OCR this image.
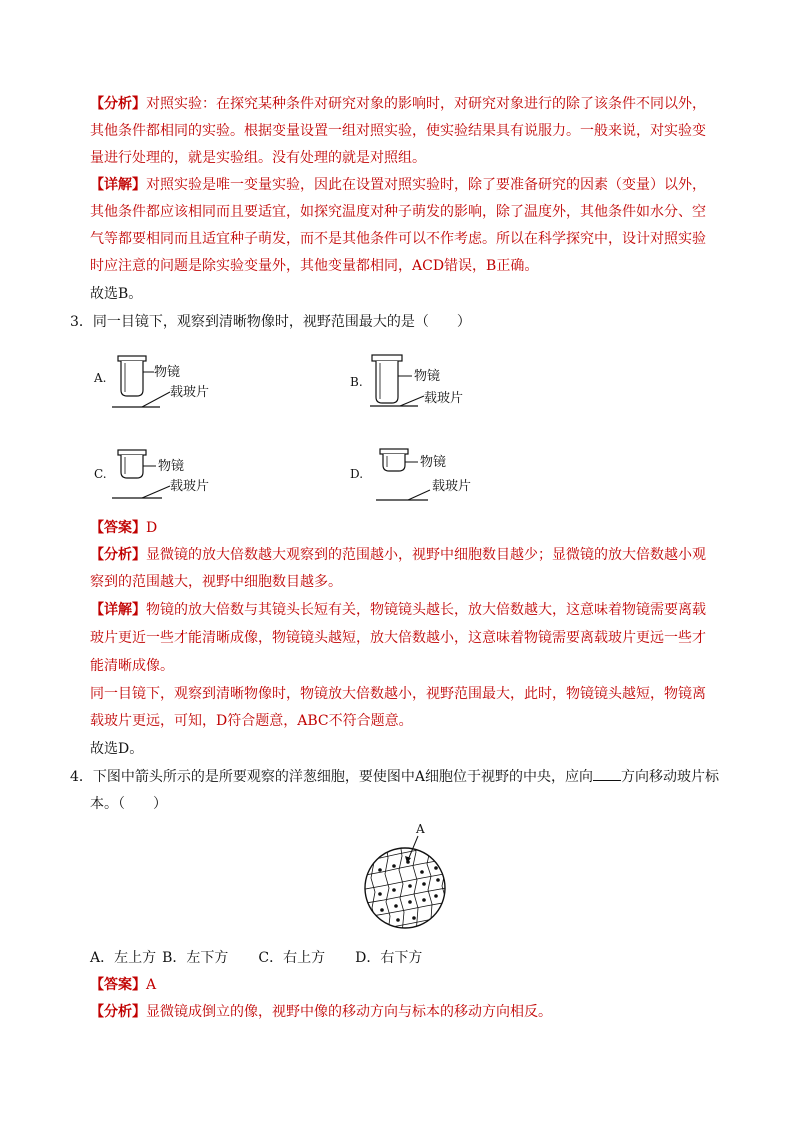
【分析】对照实验：在探究某种条件对研究对象的影响时，对研究对象进行的除了该条件不同以外，
其他条件都相同的实验。根据变量设置一组对照实验，使实验结果具有说服力。一般来说，对实验变
量进行处理的，就是实验组。没有处理的就是对照组。
【详解】对照实验是唯一变量实验，因此在设置对照实验时，除了要准备研究的因素（变量）以外，
其他条件都应该相同而且要适宜，如探究温度对种子萌发的影响，除了温度外，其他条件如水分、空
气等都要相同而且适宜种子萌发，而不是其他条件可以不作考虑。所以在科学探究中，设计对照实验
时应注意的问题是除实验变量外，其他变量都相同，ACD错误，B正确。
故选B。
3．同一目镜下，观察到清晰物像时，视野范围最大的是（　　）
A.	物镜
载玻片
B.	物镜
载玻片
C.	物镜
载玻片
D.
物镜
载玻片
【答案】D
【分析】显微镜的放大倍数越大观察到的范围越小，视野中细胞数目越少；显微镜的放大倍数越小观
察到的范围越大，视野中细胞数目越多。
【详解】物镜的放大倍数与其镜头长短有关，物镜镜头越长，放大倍数越大，这意味着物镜需要离载
玻片更近一些才能清晰成像，物镜镜头越短，放大倍数越小，这意味着物镜需要离载玻片更远一些才
能清晰成像。
同一目镜下，观察到清晰物像时，物镜放大倍数越小，视野范围最大，此时，物镜镜头越短，物镜离
载玻片更远，可知，D符合题意，ABC不符合题意。
故选D。
4．下图中箭头所示的是所要观察的洋葱细胞，要使图中A细胞位于视野的中央，应向 方向移动玻片标
本。（　　）
A
A．左上方 B．左下方 C．右上方 D．右下方
【答案】A
【分析】显微镜成倒立的像，视野中像的移动方向与标本的移动方向相反。
